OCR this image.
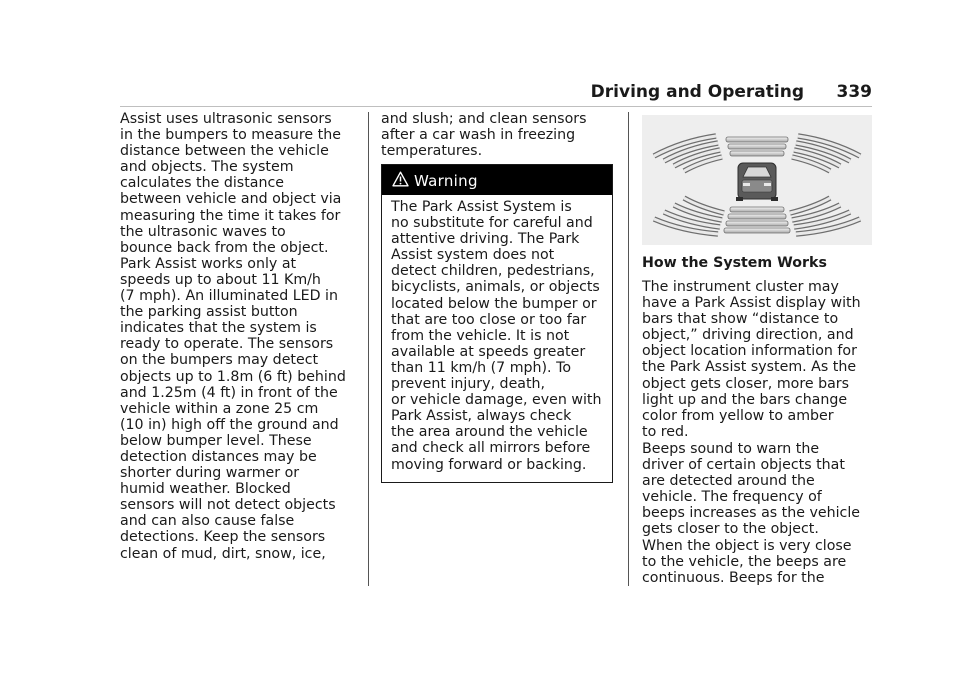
Driving and Operating 339
Assist uses ultrasonic sensors
in the bumpers to measure the
distance between the vehicle
and objects. The system
calculates the distance
between vehicle and object via
measuring the time it takes for
the ultrasonic waves to
bounce back from the object.
Park Assist works only at
speeds up to about 11 Km/h
(7 mph). An illuminated LED in
the parking assist button
indicates that the system is
ready to operate. The sensors
on the bumpers may detect
objects up to 1.8m (6 ft) behind
and 1.25m (4 ft) in front of the
vehicle within a zone 25 cm
(10 in) high off the ground and
below bumper level. These
detection distances may be
shorter during warmer or
humid weather. Blocked
sensors will not detect objects
and can also cause false
detections. Keep the sensors
clean of mud, dirt, snow, ice,
and slush; and clean sensors
after a car wash in freezing
temperatures.
Warning
The Park Assist System is
no substitute for careful and
attentive driving. The Park
Assist system does not
detect children, pedestrians,
bicyclists, animals, or objects
located below the bumper or
that are too close or too far
from the vehicle. It is not
available at speeds greater
than 11 km/h (7 mph). To
prevent injury, death,
or vehicle damage, even with
Park Assist, always check
the area around the vehicle
and check all mirrors before
moving forward or backing.
How the System Works
The instrument cluster may
have a Park Assist display with
bars that show “distance to
object,” driving direction, and
object location information for
the Park Assist system. As the
object gets closer, more bars
light up and the bars change
color from yellow to amber
to red.
Beeps sound to warn the
driver of certain objects that
are detected around the
vehicle. The frequency of
beeps increases as the vehicle
gets closer to the object.
When the object is very close
to the vehicle, the beeps are
continuous. Beeps for the
